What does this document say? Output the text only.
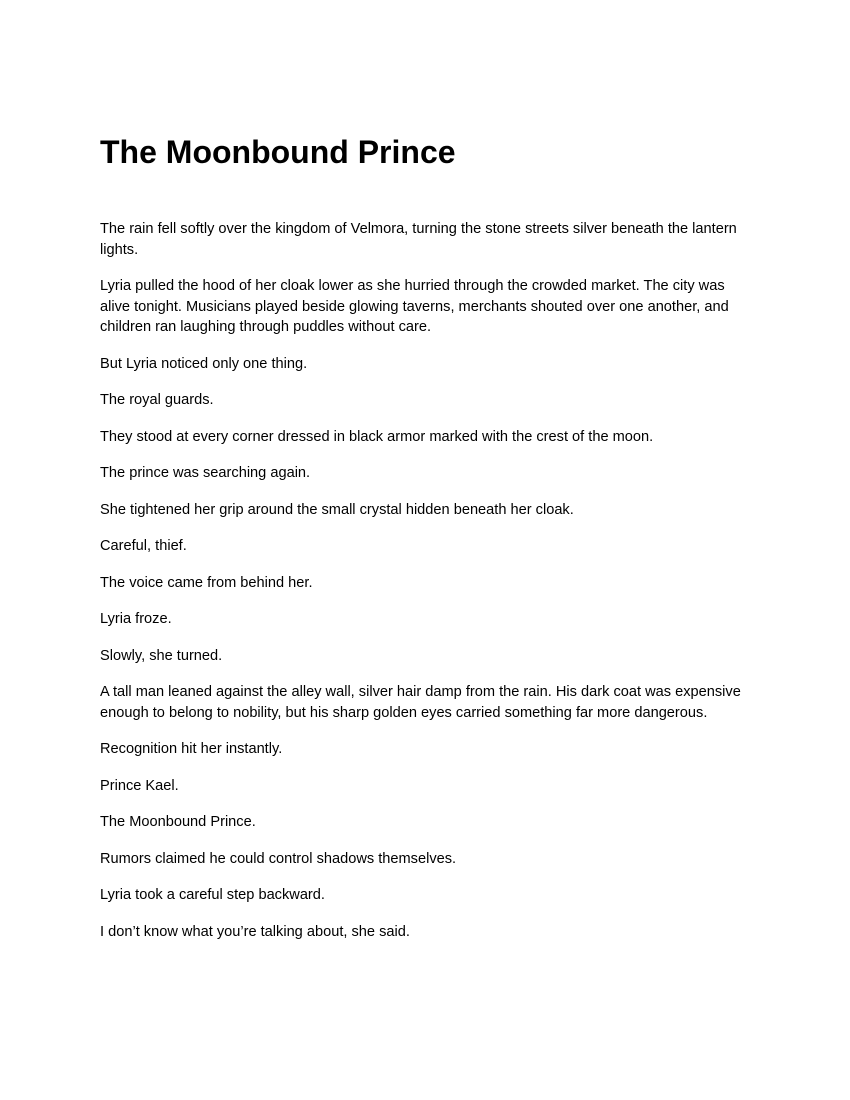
The Moonbound Prince

The rain fell softly over the kingdom of Velmora, turning the stone streets silver beneath the lantern lights.

Lyria pulled the hood of her cloak lower as she hurried through the crowded market. The city was alive tonight. Musicians played beside glowing taverns, merchants shouted over one another, and children ran laughing through puddles without care.

But Lyria noticed only one thing.

The royal guards.

They stood at every corner dressed in black armor marked with the crest of the moon.

The prince was searching again.

She tightened her grip around the small crystal hidden beneath her cloak.

Careful, thief.

The voice came from behind her.

Lyria froze.

Slowly, she turned.

A tall man leaned against the alley wall, silver hair damp from the rain. His dark coat was expensive enough to belong to nobility, but his sharp golden eyes carried something far more dangerous.

Recognition hit her instantly.

Prince Kael.

The Moonbound Prince.

Rumors claimed he could control shadows themselves.

Lyria took a careful step backward.

I don’t know what you’re talking about, she said.
